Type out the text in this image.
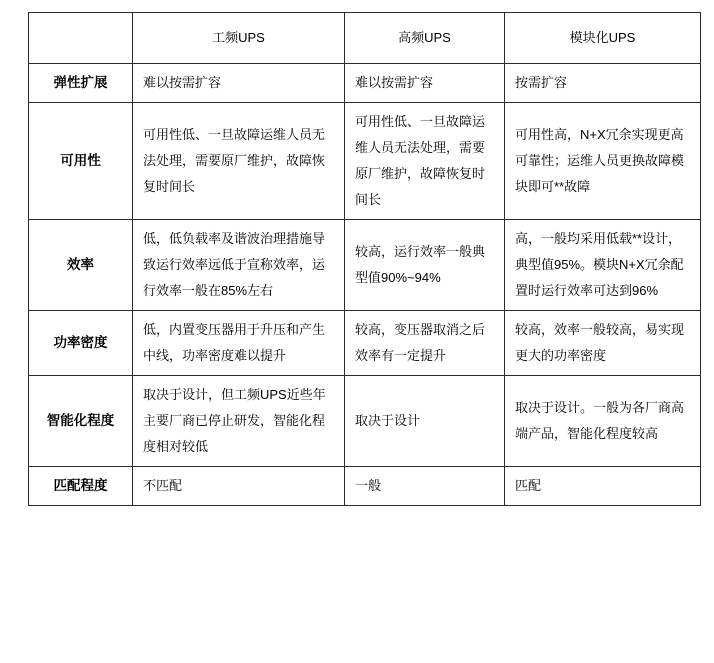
	工频UPS	高频UPS	模块化UPS
弹性扩展	难以按需扩容	难以按需扩容	按需扩容
可用性	可用性低、一旦故障运维人员无法处理，需要原厂维护，故障恢复时间长	可用性低、一旦故障运维人员无法处理，需要原厂维护，故障恢复时间长	可用性高，N+X冗余实现更高可靠性；运维人员更换故障模块即可**故障
效率	低，低负载率及谐波治理措施导致运行效率远低于宣称效率，运行效率一般在85%左右	较高，运行效率一般典型值90%~94%	高，一般均采用低载**设计，典型值95%。模块N+X冗余配置时运行效率可达到96%
功率密度	低，内置变压器用于升压和产生中线，功率密度难以提升	较高，变压器取消之后效率有一定提升	较高，效率一般较高，易实现更大的功率密度
智能化程度	取决于设计，但工频UPS近些年主要厂商已停止研发，智能化程度相对较低	取决于设计	取决于设计。一般为各厂商高端产品，智能化程度较高
匹配程度	不匹配	一般	匹配
